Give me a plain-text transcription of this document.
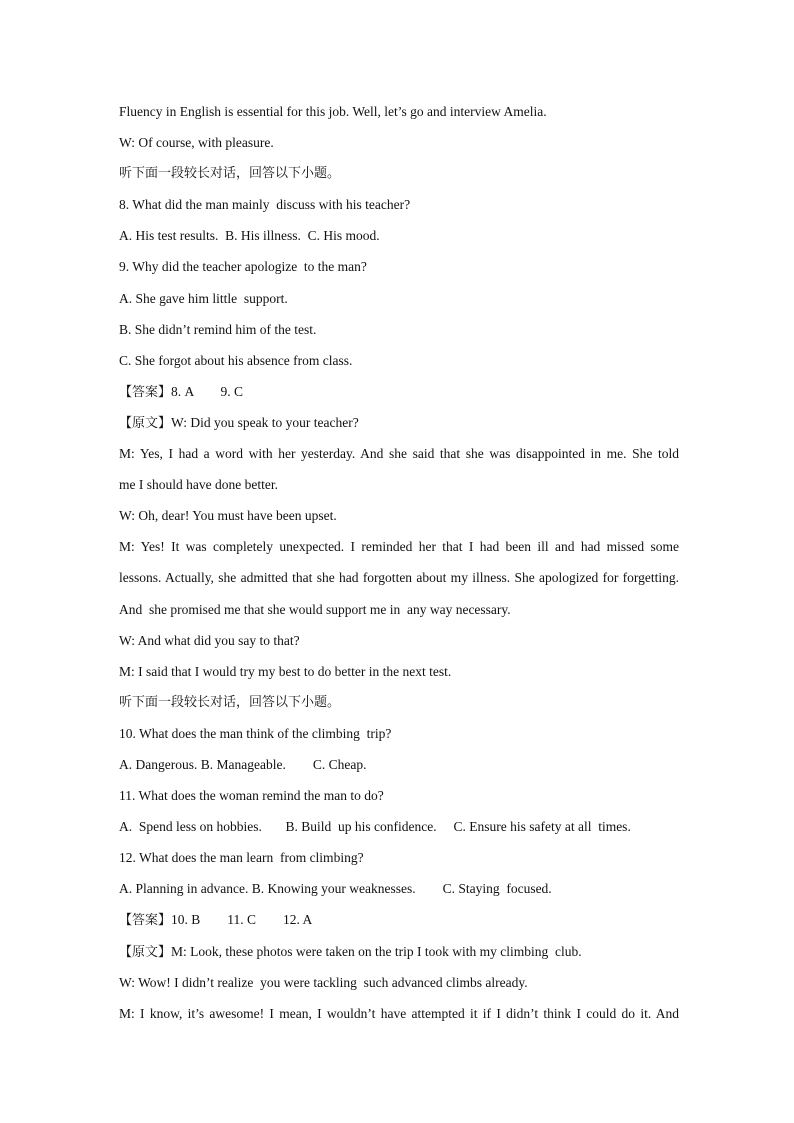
Fluency in English is essential for this job. Well, let’s go and interview Amelia.
W: Of course, with pleasure.
听下面一段较长对话，回答以下小题。
8. What did the man mainly  discuss with his teacher?
A. His test results.  B. His illness.  C. His mood.
9. Why did the teacher apologize  to the man?
A. She gave him little  support.
B. She didn’t remind him of the test.
C. She forgot about his absence from class.
【答案】8. A        9. C
【原文】W: Did you speak to your teacher?
M: Yes, I had a word with her yesterday. And she said that she was disappointed in me. She told
me I should have done better.
W: Oh, dear! You must have been upset.
M: Yes! It was completely unexpected. I reminded her that I had been ill and had missed some
lessons. Actually, she admitted that she had forgotten about my illness. She apologized for forgetting.
And  she promised me that she would support me in  any way necessary.
W: And what did you say to that?
M: I said that I would try my best to do better in the next test.
听下面一段较长对话，回答以下小题。
10. What does the man think of the climbing  trip?
A. Dangerous. B. Manageable.        C. Cheap.
11. What does the woman remind the man to do?
A.  Spend less on hobbies.       B. Build  up his confidence.     C. Ensure his safety at all  times.
12. What does the man learn  from climbing?
A. Planning in advance. B. Knowing your weaknesses.        C. Staying  focused.
【答案】10. B        11. C        12. A
【原文】M: Look, these photos were taken on the trip I took with my climbing  club.
W: Wow! I didn’t realize  you were tackling  such advanced climbs already.
M: I know, it’s awesome! I mean, I wouldn’t have attempted it if I didn’t think I could do it. And
